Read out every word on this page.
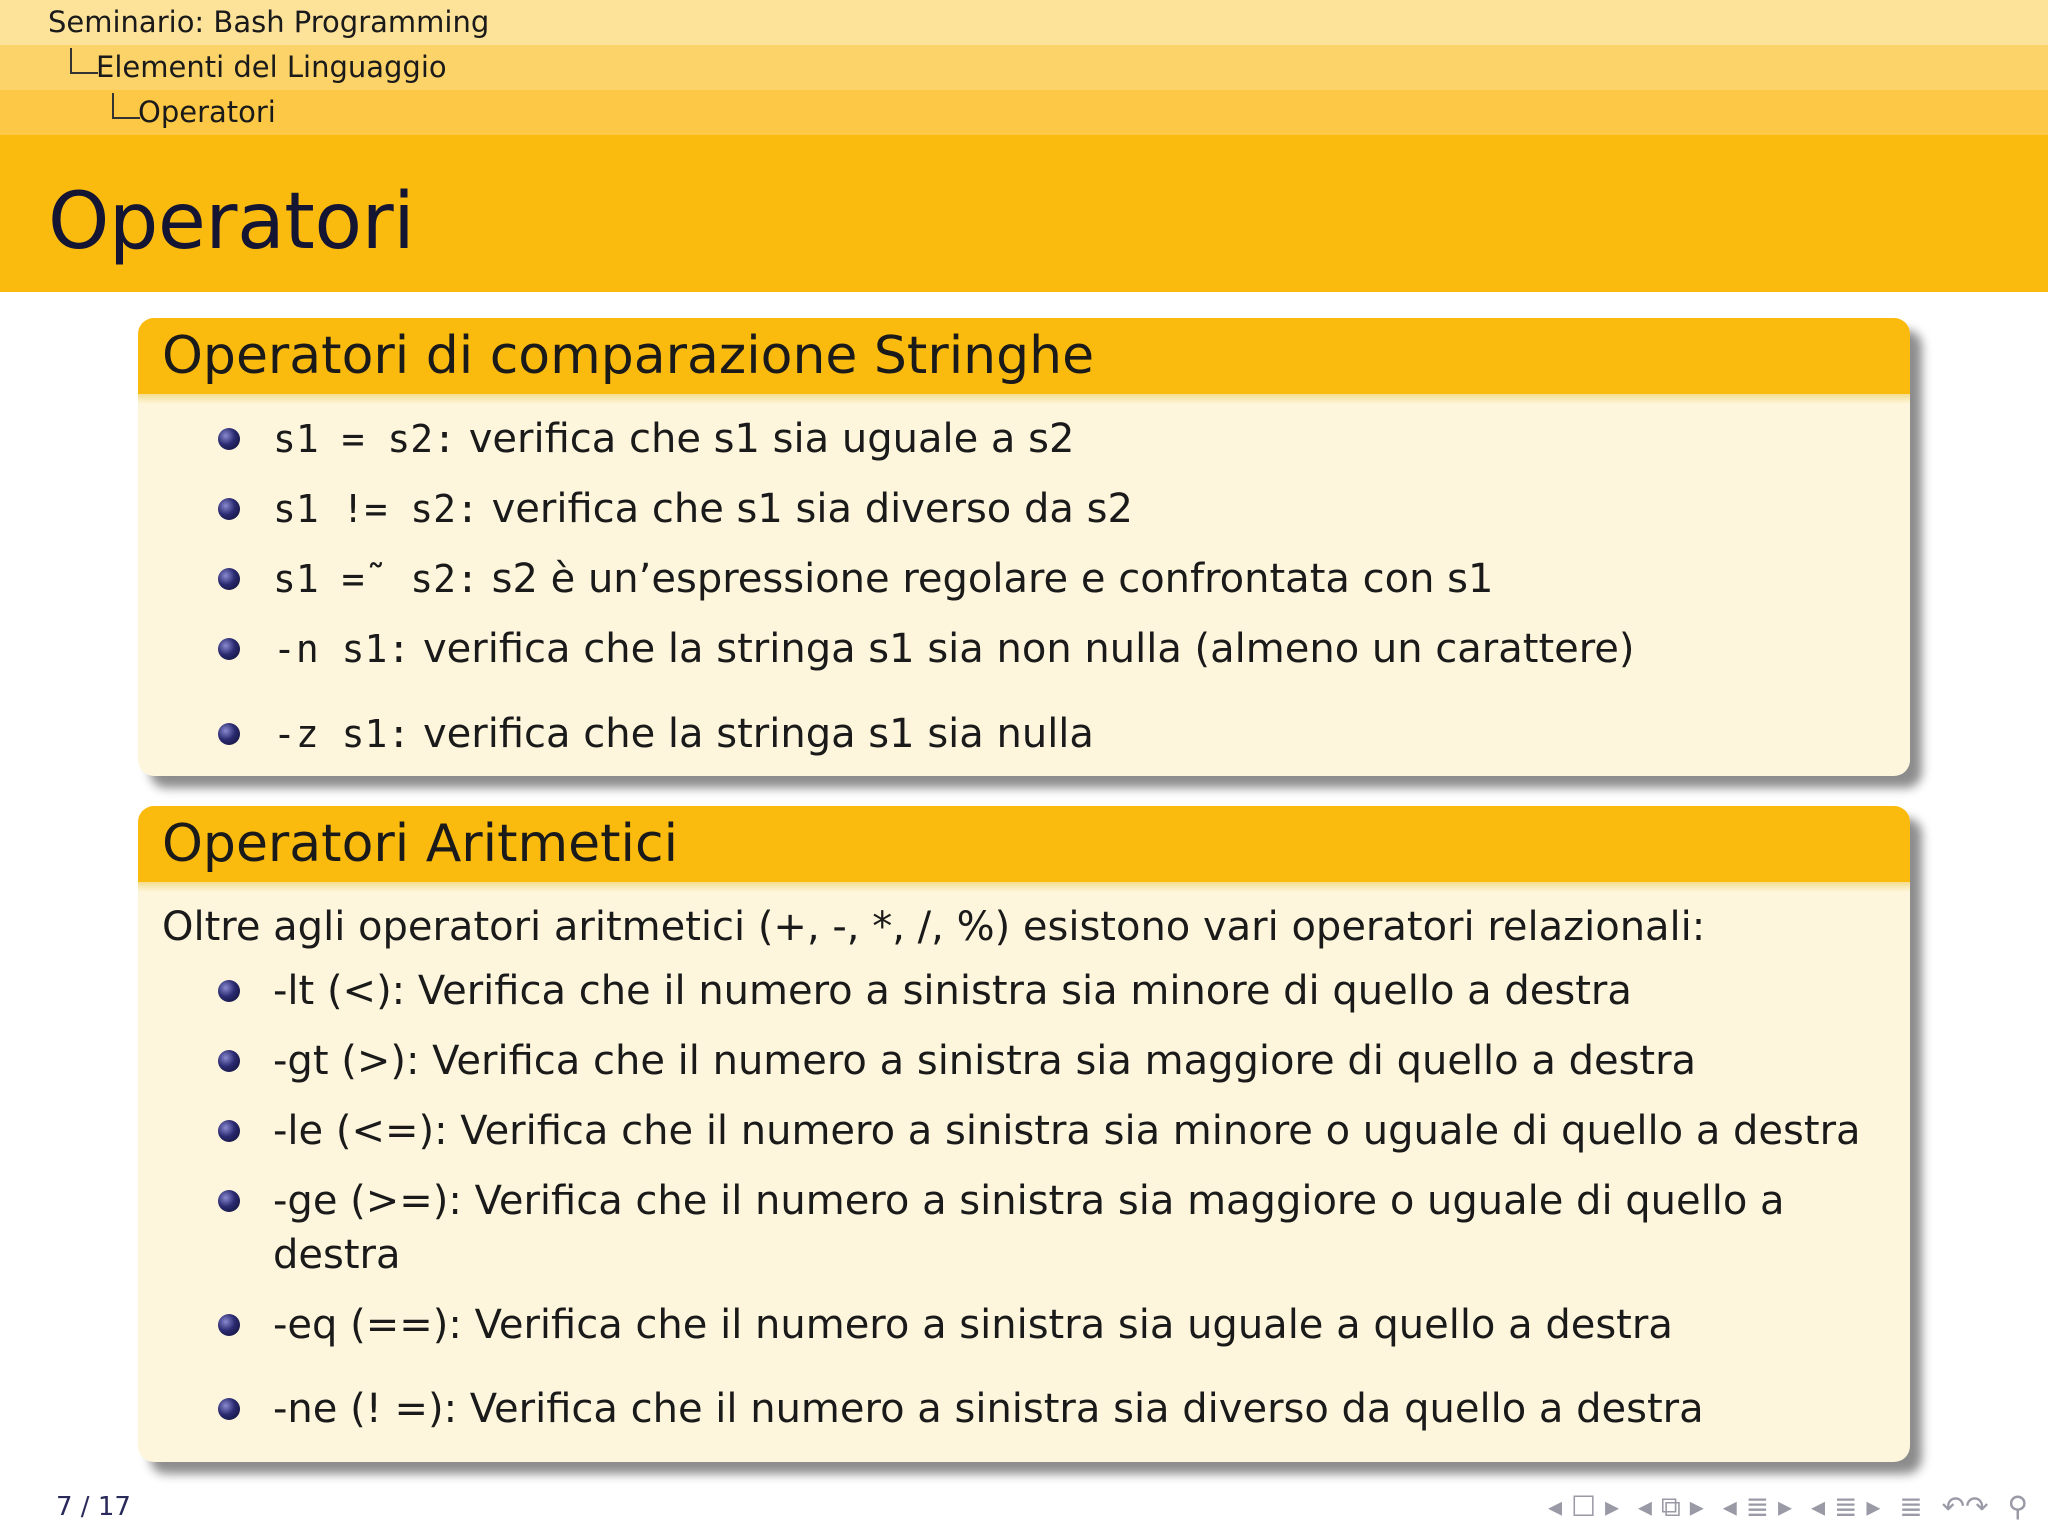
Seminario: Bash Programming
Elementi del Linguaggio
Operatori
Operatori
Operatori di comparazione Stringhe
s1 = s2: verifica che s1 sia uguale a s2
s1 != s2: verifica che s1 sia diverso da s2
s1 =˜ s2: s2 è un’espressione regolare e confrontata con s1
-n s1: verifica che la stringa s1 sia non nulla (almeno un carattere)
-z s1: verifica che la stringa s1 sia nulla
Operatori Aritmetici
Oltre agli operatori aritmetici (+, -, *, /, %) esistono vari operatori relazionali:
-lt (<): Verifica che il numero a sinistra sia minore di quello a destra
-gt (>): Verifica che il numero a sinistra sia maggiore di quello a destra
-le (<=): Verifica che il numero a sinistra sia minore o uguale di quello a destra
-ge (>=): Verifica che il numero a sinistra sia maggiore o uguale di quello a destra
-eq (==): Verifica che il numero a sinistra sia uguale a quello a destra
-ne (! =): Verifica che il numero a sinistra sia diverso da quello a destra
7 / 17	◂ ☐ ▸ ◂ ⧉ ▸ ◂ ≣ ▸ ◂ ≣ ▸ ≣ ↶↷ ⚲
